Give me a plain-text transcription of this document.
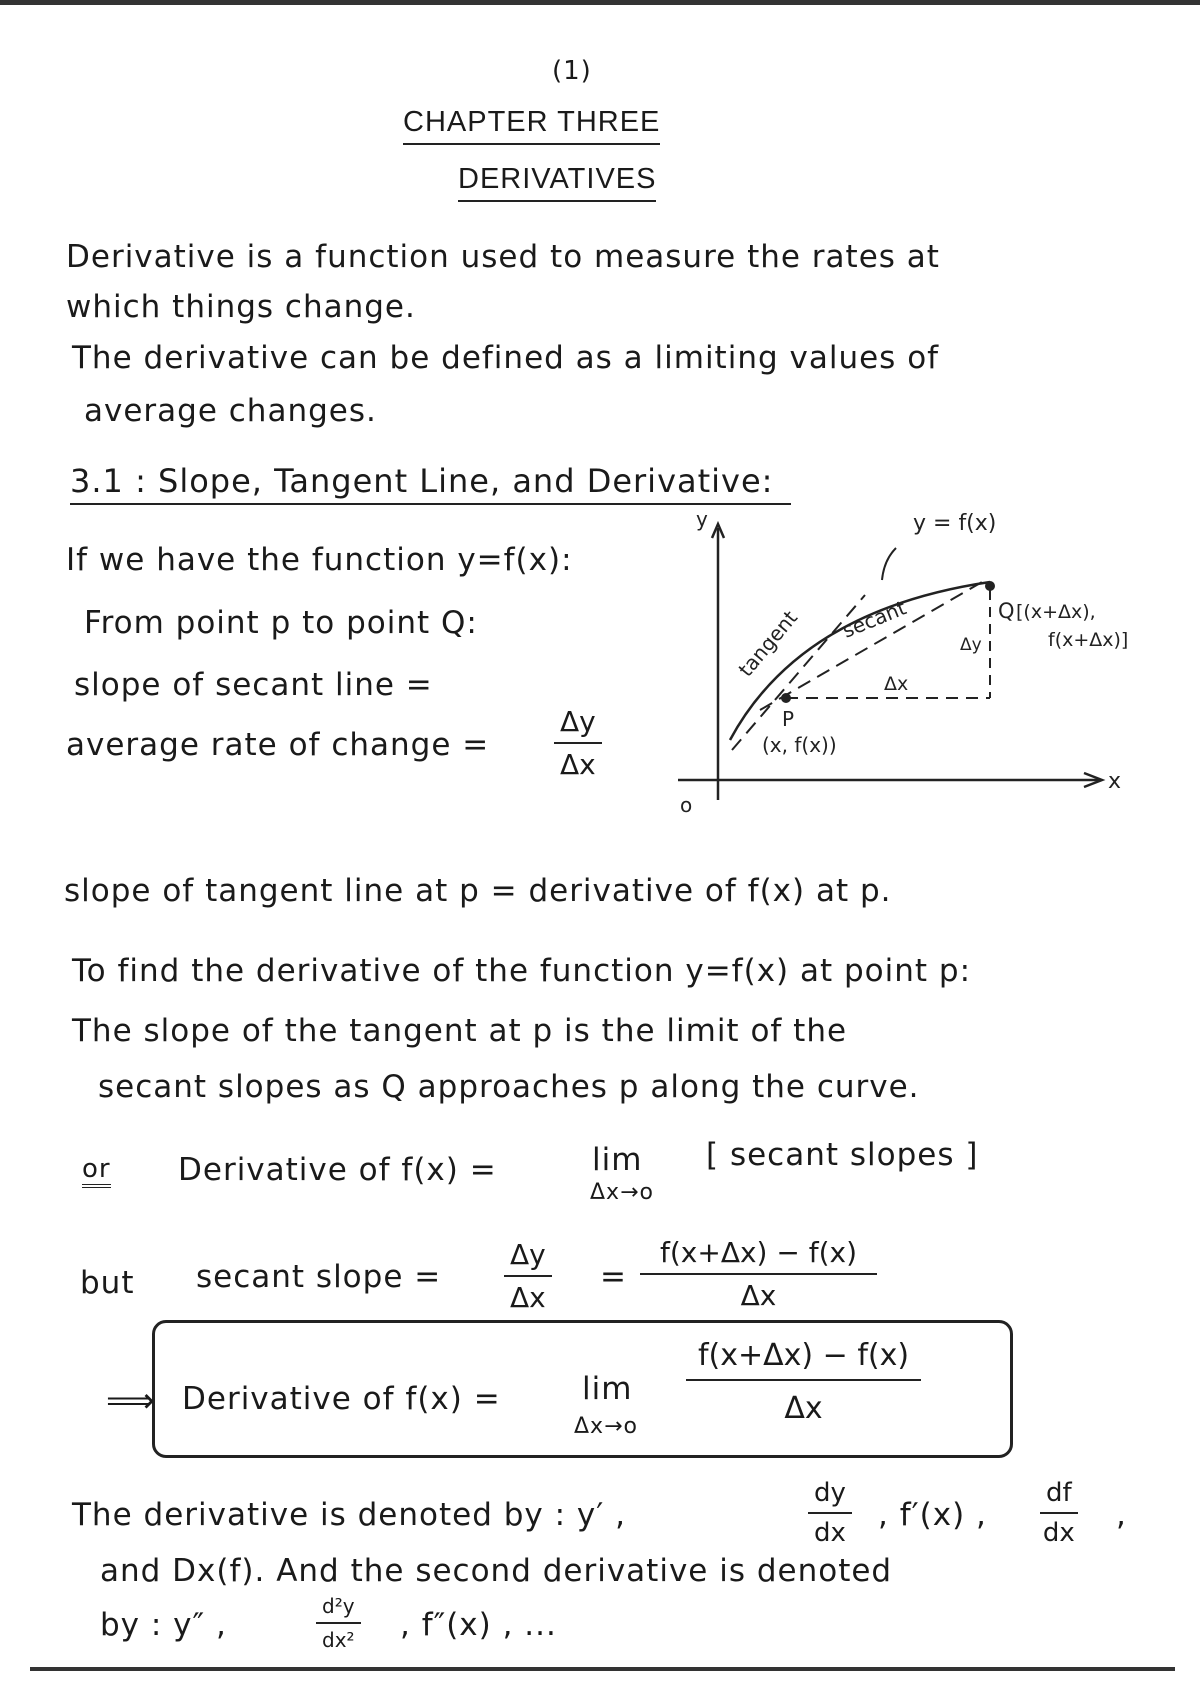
(1)
CHAPTER THREE
DERIVATIVES
Derivative is a function used to measure the rates at
which things change.
The derivative can be defined as a limiting values of
average changes.
3.1 : Slope, Tangent Line, and Derivative:
If we have the function y=f(x):
From point p to point Q:
slope of secant line =
average rate of change = $\frac{\Delta y}{\Delta x}$
y = f(x)
y
x
o
tangent secant
Δx
Δy
P
(x, f(x))
Q [(x+Δx),
f(x+Δx)]
slope of tangent line at p = derivative of f(x) at p.
To find the derivative of the function y=f(x) at point p:
The slope of the tangent at p is the limit of the
secant slopes as Q approaches p along the curve.
or Derivative of f(x) =	lim
Δx→o
[ secant slopes ]
but secant slope = $\frac{\Delta y}{\Delta x} = \frac{f(x+\Delta x) - f(x)}{\Delta x}$
⟹ Derivative of f(x) =	lim
Δx→o
$\frac{f(x+\Delta x) - f(x)}{\Delta x}$
The derivative is denoted by : y′ ,	$\frac{dy}{dx}$ , f′(x) , $\frac{df}{dx}$ ,
and Dx(f). And the second derivative is denoted
by : y″ ,	$\frac{\text{d²y}}{\text{dx²}}$ , f″(x) , ...
